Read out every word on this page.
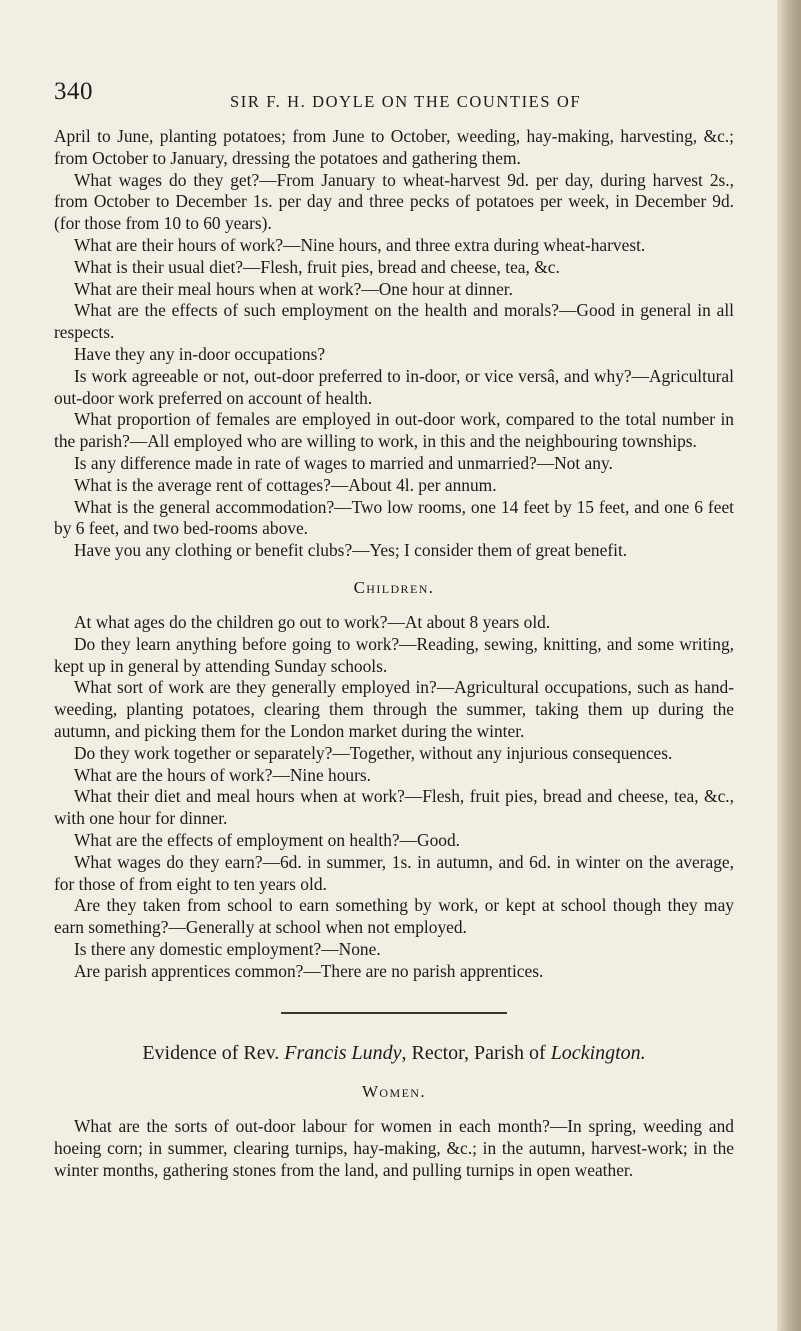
340	SIR F. H. DOYLE ON THE COUNTIES OF

April to June, planting potatoes; from June to October, weeding, hay-making, harvesting, &c.; from October to January, dressing the potatoes and gathering them.

What wages do they get?—From January to wheat-harvest 9d. per day, during harvest 2s., from October to December 1s. per day and three pecks of potatoes per week, in December 9d. (for those from 10 to 60 years).

What are their hours of work?—Nine hours, and three extra during wheat-harvest.

What is their usual diet?—Flesh, fruit pies, bread and cheese, tea, &c.

What are their meal hours when at work?—One hour at dinner.

What are the effects of such employment on the health and morals?—Good in general in all respects.

Have they any in-door occupations?

Is work agreeable or not, out-door preferred to in-door, or vice versâ, and why?—Agricultural out-door work preferred on account of health.

What proportion of females are employed in out-door work, compared to the total number in the parish?—All employed who are willing to work, in this and the neighbouring townships.

Is any difference made in rate of wages to married and unmarried?—Not any.

What is the average rent of cottages?—About 4l. per annum.

What is the general accommodation?—Two low rooms, one 14 feet by 15 feet, and one 6 feet by 6 feet, and two bed-rooms above.

Have you any clothing or benefit clubs?—Yes; I consider them of great benefit.

Children.

At what ages do the children go out to work?—At about 8 years old.

Do they learn anything before going to work?—Reading, sewing, knitting, and some writing, kept up in general by attending Sunday schools.

What sort of work are they generally employed in?—Agricultural occupations, such as hand-weeding, planting potatoes, clearing them through the summer, taking them up during the autumn, and picking them for the London market during the winter.

Do they work together or separately?—Together, without any injurious consequences.

What are the hours of work?—Nine hours.

What their diet and meal hours when at work?—Flesh, fruit pies, bread and cheese, tea, &c., with one hour for dinner.

What are the effects of employment on health?—Good.

What wages do they earn?—6d. in summer, 1s. in autumn, and 6d. in winter on the average, for those of from eight to ten years old.

Are they taken from school to earn something by work, or kept at school though they may earn something?—Generally at school when not employed.

Is there any domestic employment?—None.

Are parish apprentices common?—There are no parish apprentices.

Evidence of Rev. Francis Lundy, Rector, Parish of Lockington.
Women.

What are the sorts of out-door labour for women in each month?—In spring, weeding and hoeing corn; in summer, clearing turnips, hay-making, &c.; in the autumn, harvest-work; in the winter months, gathering stones from the land, and pulling turnips in open weather.
